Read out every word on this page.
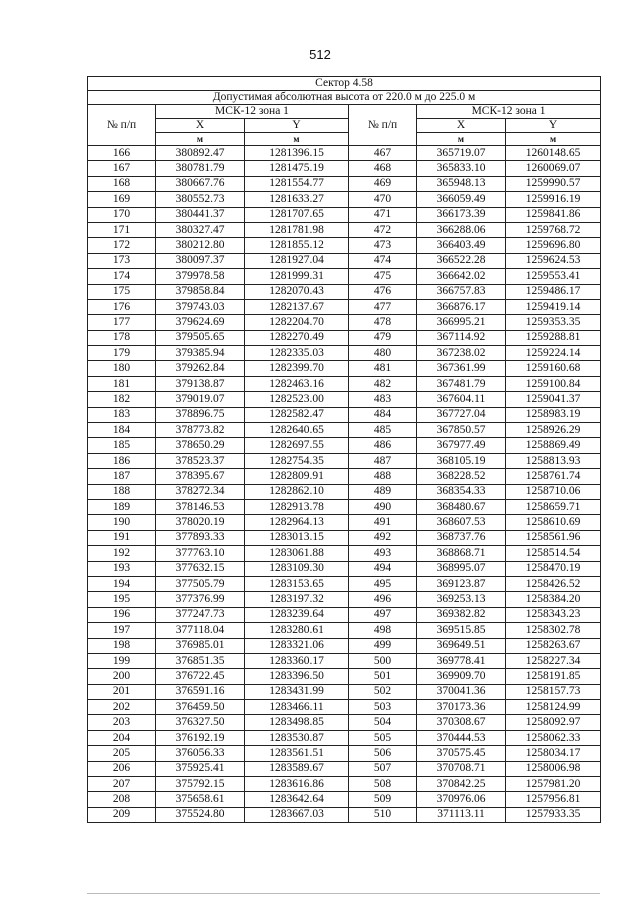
512
Сектор 4.58					
Допустимая абсолютная высота от 220.0 м до 225.0 м					
№ п/п	МСК-12 зона 1		№ п/п	МСК-12 зона 1	
	X	Y		X	Y
	м	м		м	м
166	380892.47	1281396.15	467	365719.07	1260148.65
167	380781.79	1281475.19	468	365833.10	1260069.07
168	380667.76	1281554.77	469	365948.13	1259990.57
169	380552.73	1281633.27	470	366059.49	1259916.19
170	380441.37	1281707.65	471	366173.39	1259841.86
171	380327.47	1281781.98	472	366288.06	1259768.72
172	380212.80	1281855.12	473	366403.49	1259696.80
173	380097.37	1281927.04	474	366522.28	1259624.53
174	379978.58	1281999.31	475	366642.02	1259553.41
175	379858.84	1282070.43	476	366757.83	1259486.17
176	379743.03	1282137.67	477	366876.17	1259419.14
177	379624.69	1282204.70	478	366995.21	1259353.35
178	379505.65	1282270.49	479	367114.92	1259288.81
179	379385.94	1282335.03	480	367238.02	1259224.14
180	379262.84	1282399.70	481	367361.99	1259160.68
181	379138.87	1282463.16	482	367481.79	1259100.84
182	379019.07	1282523.00	483	367604.11	1259041.37
183	378896.75	1282582.47	484	367727.04	1258983.19
184	378773.82	1282640.65	485	367850.57	1258926.29
185	378650.29	1282697.55	486	367977.49	1258869.49
186	378523.37	1282754.35	487	368105.19	1258813.93
187	378395.67	1282809.91	488	368228.52	1258761.74
188	378272.34	1282862.10	489	368354.33	1258710.06
189	378146.53	1282913.78	490	368480.67	1258659.71
190	378020.19	1282964.13	491	368607.53	1258610.69
191	377893.33	1283013.15	492	368737.76	1258561.96
192	377763.10	1283061.88	493	368868.71	1258514.54
193	377632.15	1283109.30	494	368995.07	1258470.19
194	377505.79	1283153.65	495	369123.87	1258426.52
195	377376.99	1283197.32	496	369253.13	1258384.20
196	377247.73	1283239.64	497	369382.82	1258343.23
197	377118.04	1283280.61	498	369515.85	1258302.78
198	376985.01	1283321.06	499	369649.51	1258263.67
199	376851.35	1283360.17	500	369778.41	1258227.34
200	376722.45	1283396.50	501	369909.70	1258191.85
201	376591.16	1283431.99	502	370041.36	1258157.73
202	376459.50	1283466.11	503	370173.36	1258124.99
203	376327.50	1283498.85	504	370308.67	1258092.97
204	376192.19	1283530.87	505	370444.53	1258062.33
205	376056.33	1283561.51	506	370575.45	1258034.17
206	375925.41	1283589.67	507	370708.71	1258006.98
207	375792.15	1283616.86	508	370842.25	1257981.20
208	375658.61	1283642.64	509	370976.06	1257956.81
209	375524.80	1283667.03	510	371113.11	1257933.35
